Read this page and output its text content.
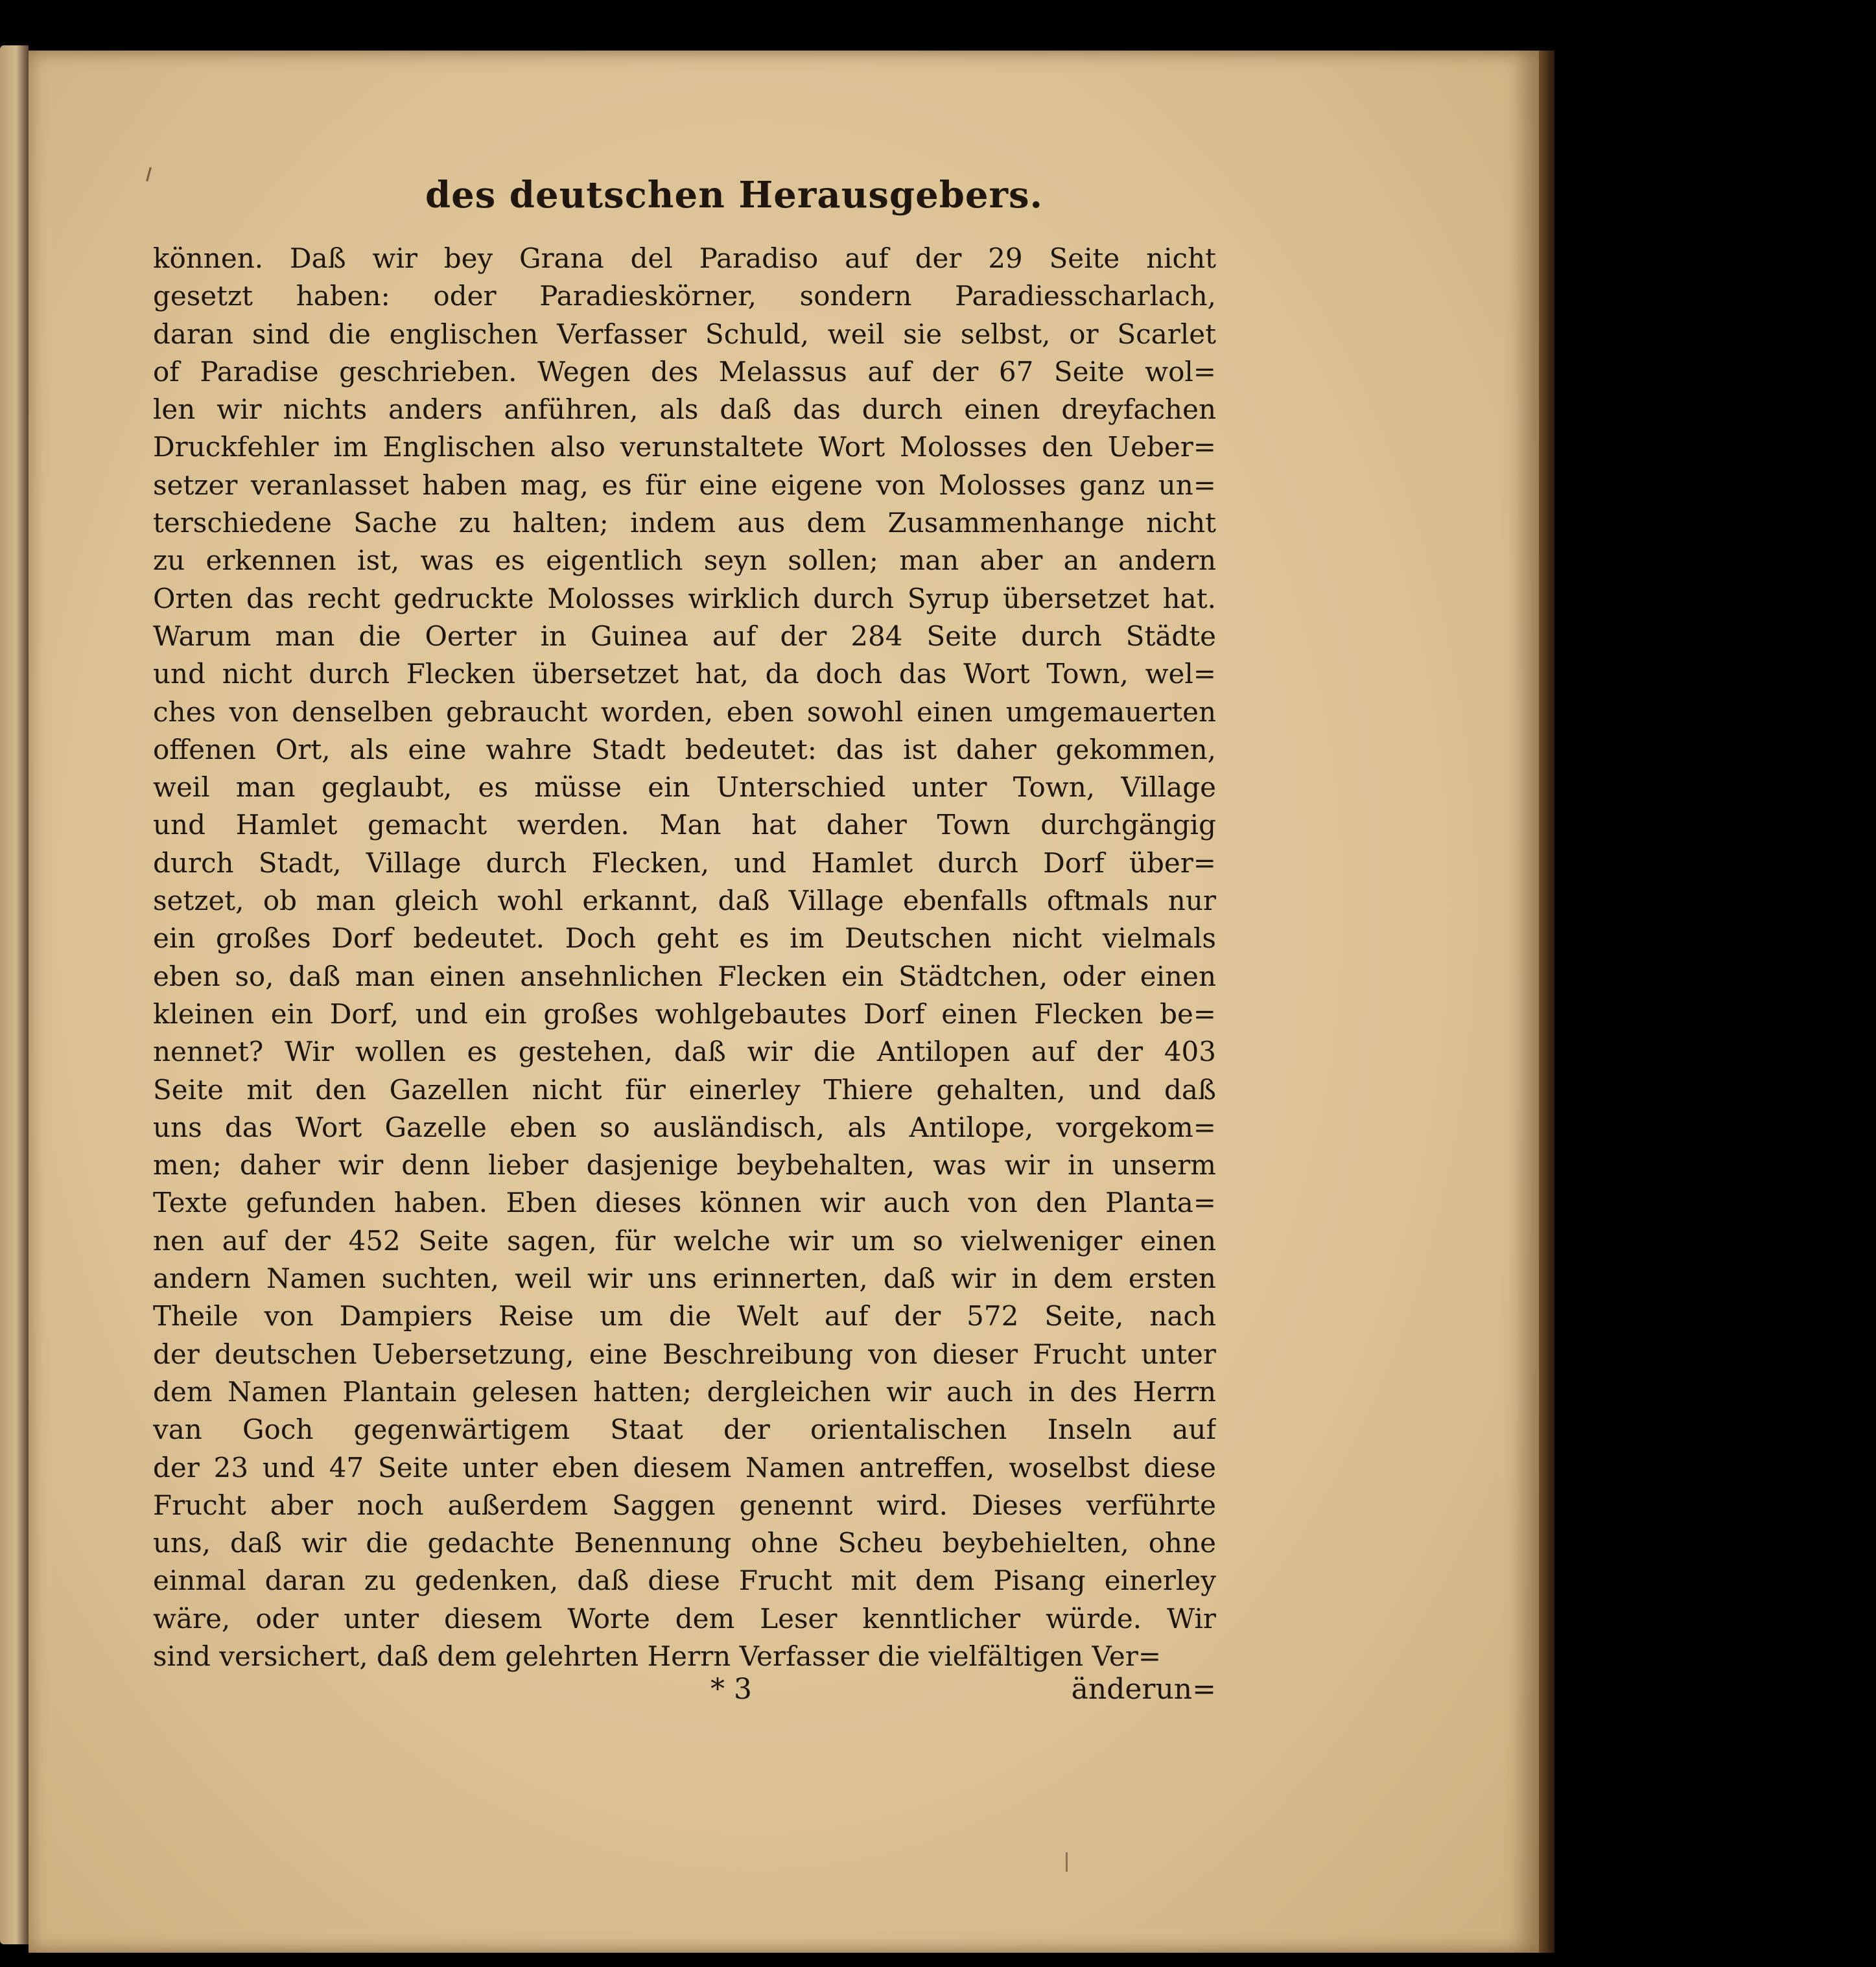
des deutschen Herausgebers.
können. Daß wir bey Grana del Paradiso auf der 29 Seite nicht
gesetzt haben: oder Paradieskörner, sondern Paradiesscharlach,
daran sind die englischen Verfasser Schuld, weil sie selbst, or Scarlet
of Paradise geschrieben. Wegen des Melassus auf der 67 Seite wol=
len wir nichts anders anführen, als daß das durch einen dreyfachen
Druckfehler im Englischen also verunstaltete Wort Molosses den Ueber=
setzer veranlasset haben mag, es für eine eigene von Molosses ganz un=
terschiedene Sache zu halten; indem aus dem Zusammenhange nicht
zu erkennen ist, was es eigentlich seyn sollen; man aber an andern
Orten das recht gedruckte Molosses wirklich durch Syrup übersetzet hat.
Warum man die Oerter in Guinea auf der 284 Seite durch Städte
und nicht durch Flecken übersetzet hat, da doch das Wort Town, wel=
ches von denselben gebraucht worden, eben sowohl einen umgemauerten
offenen Ort, als eine wahre Stadt bedeutet: das ist daher gekommen,
weil man geglaubt, es müsse ein Unterschied unter Town, Village
und Hamlet gemacht werden. Man hat daher Town durchgängig
durch Stadt, Village durch Flecken, und Hamlet durch Dorf über=
setzet, ob man gleich wohl erkannt, daß Village ebenfalls oftmals nur
ein großes Dorf bedeutet. Doch geht es im Deutschen nicht vielmals
eben so, daß man einen ansehnlichen Flecken ein Städtchen, oder einen
kleinen ein Dorf, und ein großes wohlgebautes Dorf einen Flecken be=
nennet? Wir wollen es gestehen, daß wir die Antilopen auf der 403
Seite mit den Gazellen nicht für einerley Thiere gehalten, und daß
uns das Wort Gazelle eben so ausländisch, als Antilope, vorgekom=
men; daher wir denn lieber dasjenige beybehalten, was wir in unserm
Texte gefunden haben. Eben dieses können wir auch von den Planta=
nen auf der 452 Seite sagen, für welche wir um so vielweniger einen
andern Namen suchten, weil wir uns erinnerten, daß wir in dem ersten
Theile von Dampiers Reise um die Welt auf der 572 Seite, nach
der deutschen Uebersetzung, eine Beschreibung von dieser Frucht unter
dem Namen Plantain gelesen hatten; dergleichen wir auch in des Herrn
van Goch gegenwärtigem Staat der orientalischen Inseln auf
der 23 und 47 Seite unter eben diesem Namen antreffen, woselbst diese
Frucht aber noch außerdem Saggen genennt wird. Dieses verführte
uns, daß wir die gedachte Benennung ohne Scheu beybehielten, ohne
einmal daran zu gedenken, daß diese Frucht mit dem Pisang einerley
wäre, oder unter diesem Worte dem Leser kenntlicher würde. Wir
sind versichert, daß dem gelehrten Herrn Verfasser die vielfältigen Ver=
* 3	änderun=
